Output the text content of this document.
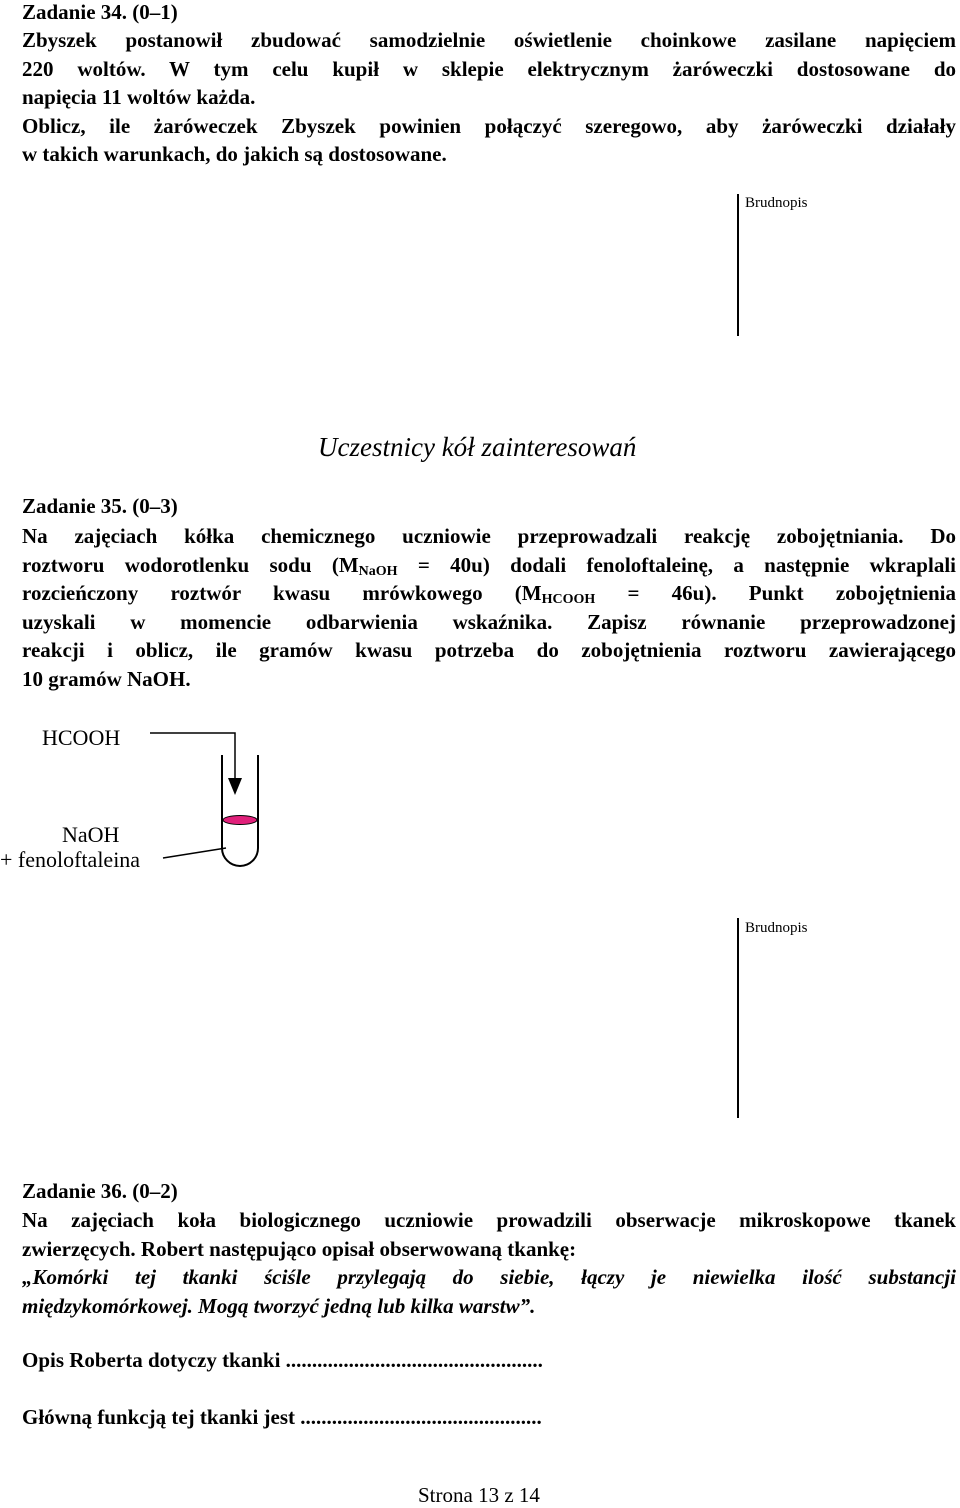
Zadanie 34. (0–1)
Zbyszek postanowił zbudować samodzielnie oświetlenie choinkowe zasilane napięciem
220 woltów. W tym celu kupił w sklepie elektrycznym żaróweczki dostosowane do
napięcia 11 woltów każda.
Oblicz, ile żaróweczek Zbyszek powinien połączyć szeregowo, aby żaróweczki działały
w takich warunkach, do jakich są dostosowane.
Brudnopis
Uczestnicy kół zainteresowań
Zadanie 35. (0–3)
Na zajęciach kółka chemicznego uczniowie przeprowadzali reakcję zobojętniania. Do
roztworu wodorotlenku sodu $(M_{NaOH} = 40u)$ dodali fenoloftaleinę, a następnie wkraplali
rozcieńczony roztwór kwasu mrówkowego $(M_{HCOOH} = 46u)$. Punkt zobojętnienia
uzyskali w momencie odbarwienia wskaźnika. Zapisz równanie przeprowadzonej
reakcji i oblicz, ile gramów kwasu potrzeba do zobojętnienia roztworu zawierającego
10 gramów NaOH.
HCOOH
NaOH
+ fenoloftaleina
Brudnopis
Zadanie 36. (0–2)
Na zajęciach koła biologicznego uczniowie prowadzili obserwacje mikroskopowe tkanek
zwierzęcych. Robert następująco opisał obserwowaną tkankę:
„Komórki tej tkanki ściśle przylegają do siebie, łączy je niewielka ilość substancji
międzykomórkowej. Mogą tworzyć jedną lub kilka warstw”.
Opis Roberta dotyczy tkanki .................................................
Główną funkcją tej tkanki jest ..............................................
Strona 13 z 14
